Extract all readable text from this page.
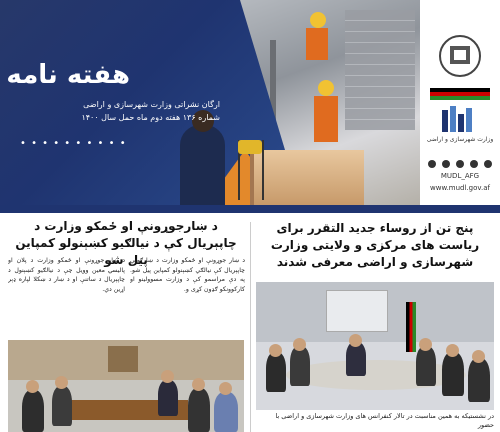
هفته نامه
ارگان نشراتی وزارت شهرسازی و اراضی
شماره ۱۳۶ هفته دوم ماه حمل سال ۱۴۰۰
• • • • • • • • • •	وزارت شهرسازی و اراضی
MUDL_AFG
www.mudl.gov.af
پنج تن از روساء جدید التقرر برای ریاست های مرکزی و ولایتی وزارت شهرسازی و اراضی معرفی شدند
در نشستیکه به همین مناسبت در تالار کنفرانس های وزارت شهرسازی و اراضی با حضور
د ښارجوړونې او ځمکو وزارت د چاپېريال کې د نيالګيو کښېنولو کمپاين پيل شو
د ښار جوړونې او ځمکو وزارت د ښارګوټي چاپېريال کې نيالګي کښېنولو کمپاين پيل شو. په دې مراسمو کې د وزارت مسوولينو او کارکوونکو ګډون کړی و.
د ښار جوړونې او ځمکو وزارت د پلان او پاليسۍ معين وويل چې د نيالګيو کښېنول د چاپېريال د ساتنې او د ښار د ښکلا لپاره ډېر اړين دي.
